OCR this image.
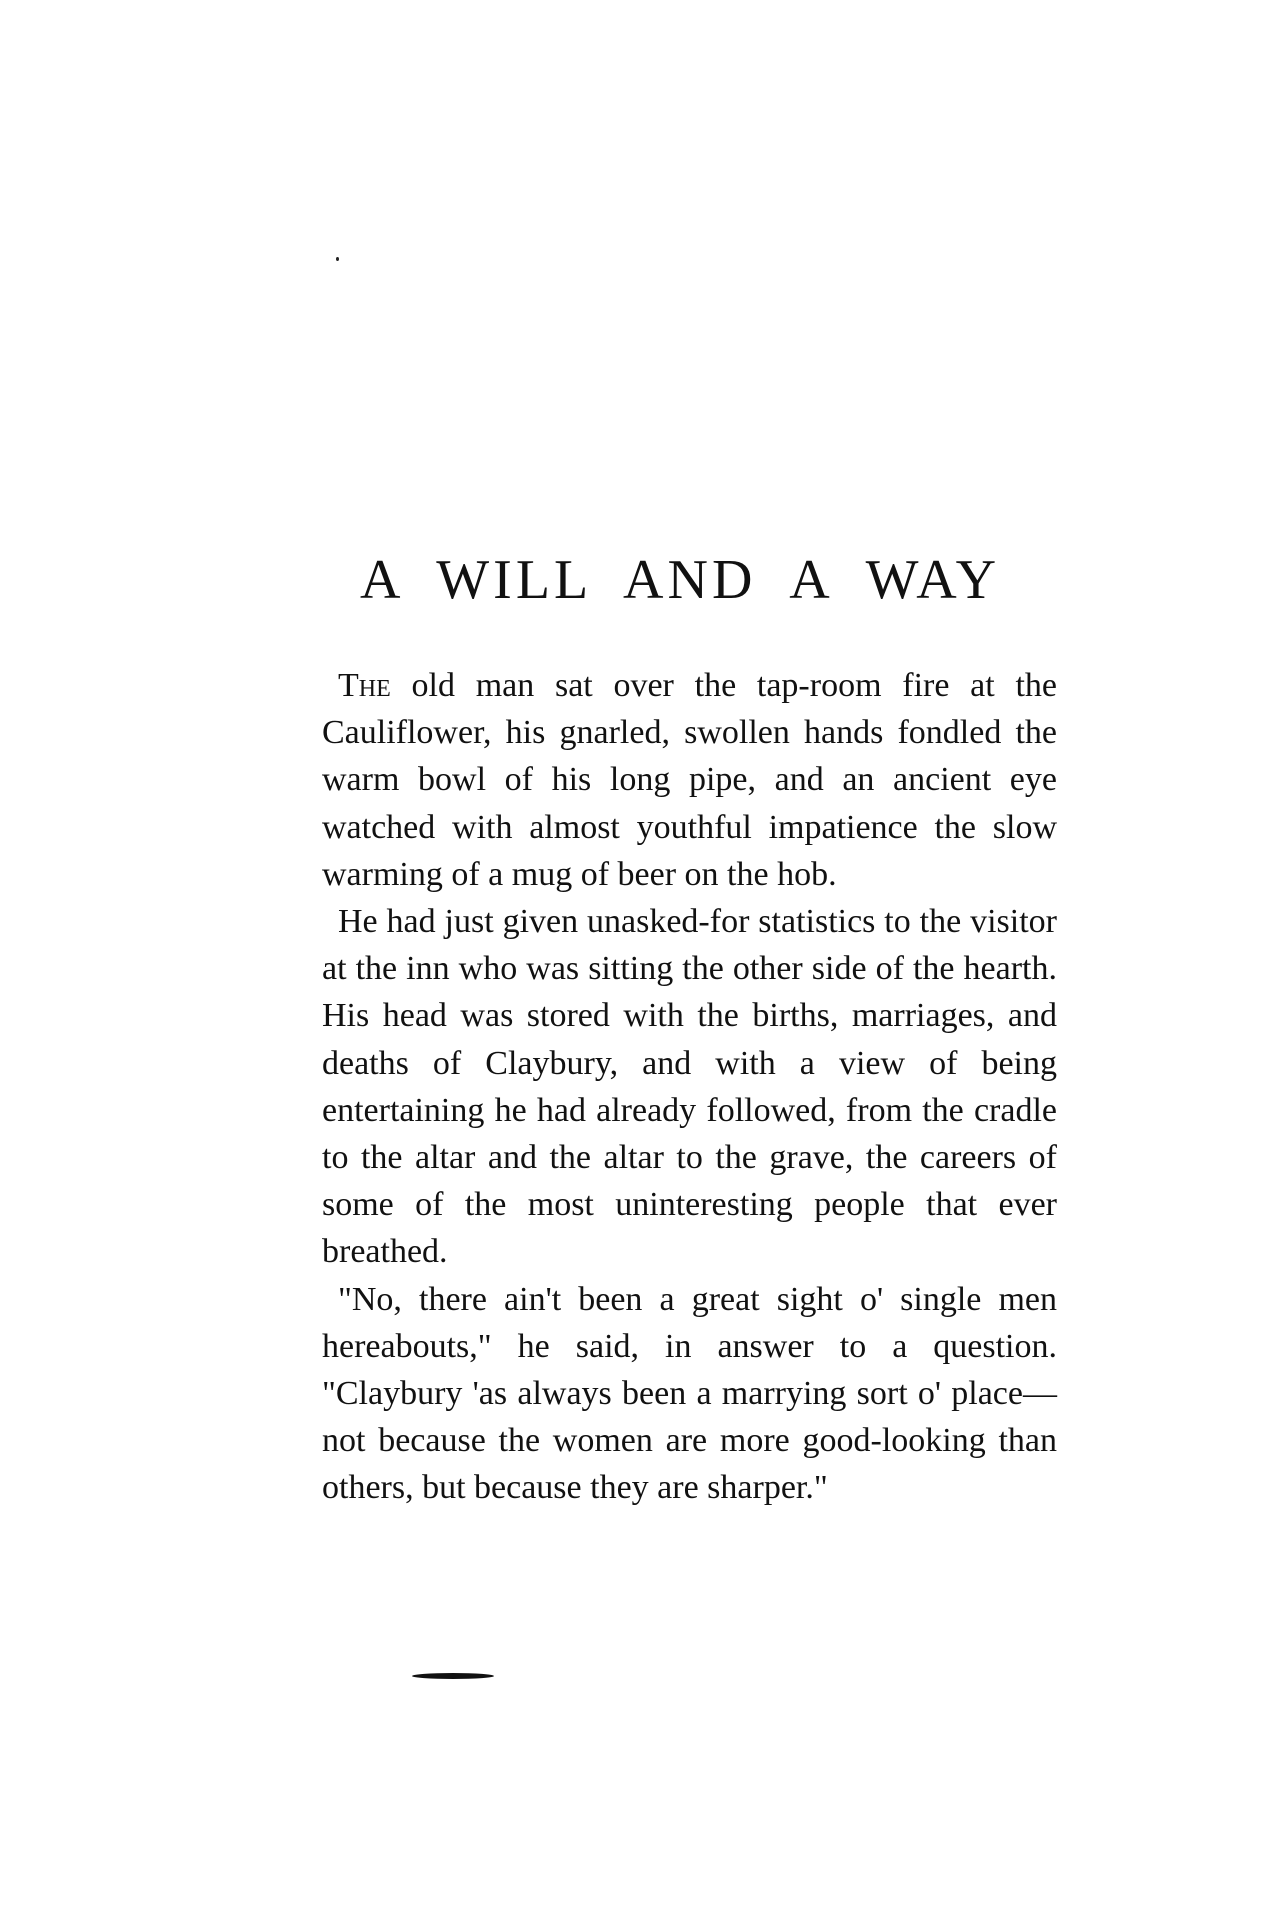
A WILL AND A WAY

The old man sat over the tap-room fire at the Cauliflower, his gnarled, swollen hands fondled the warm bowl of his long pipe, and an ancient eye watched with almost youthful impatience the slow warming of a mug of beer on the hob.

He had just given unasked-for statistics to the visitor at the inn who was sitting the other side of the hearth. His head was stored with the births, marriages, and deaths of Claybury, and with a view of being entertaining he had already followed, from the cradle to the altar and the altar to the grave, the careers of some of the most uninteresting people that ever breathed.

"No, there ain't been a great sight o' single men hereabouts," he said, in answer to a question. "Claybury 'as always been a marrying sort o' place—not because the women are more good-looking than others, but because they are sharper."
